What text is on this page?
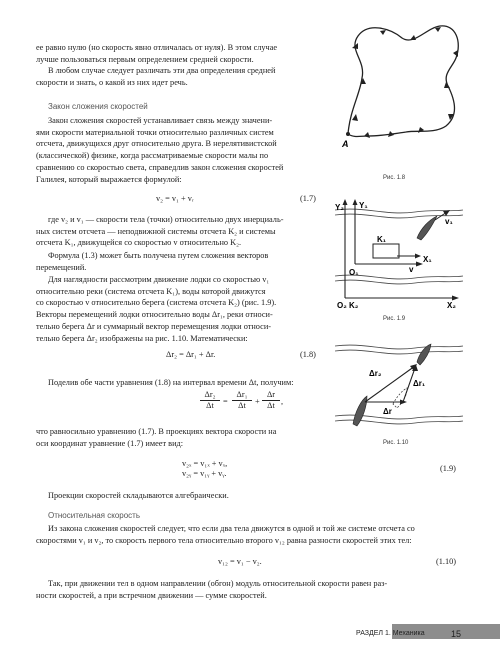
ее равно нулю (но скорость явно отличалась от нуля). В этом случае
лучше пользоваться первым определением средней скорости.
В любом случае следует различать эти два определения средней
скорости и знать, о какой из них идет речь.
Закон сложения скоростей
Закон сложения скоростей устанавливает связь между значени-
ями скорости материальной точки относительно различных систем
отсчета, движущихся друг относительно друга. В нерелятивистской
(классической) физике, когда рассматриваемые скорости малы по
сравнению со скоростью света, справедлив закон сложения скоростей
Галилея, который выражается формулой:
v₂ = v₁ + vᵣ	(1.7)
где v₂ и v₁ — скорости тела (точки) относительно двух инерциаль-
ных систем отсчета — неподвижной системы отсчета K₂ и системы
отсчета K₁, движущейся со скоростью v относительно K₂.
Формула (1.3) может быть получена путем сложения векторов
перемещений.
Для наглядности рассмотрим движение лодки со скоростью v₁
относительно реки (система отсчета K₁), воды которой движутся
со скоростью v относительно берега (система отсчета K₂) (рис. 1.9).
Векторы перемещений лодки относительно воды Δr₁, реки относи-
тельно берега Δr и суммарный вектор перемещения лодки относи-
тельно берега Δr₂ изображены на рис. 1.10. Математически:
Δr₂ = Δr₁ + Δr.	(1.8)
Поделив обе части уравнения (1.8) на интервал времени Δt, получим:
Δr₂
Δt	=
Δr₁
Δt	+
Δr
Δt ,
что равносильно уравнению (1.7). В проекциях вектора скорости на
оси координат уравнение (1.7) имеет вид:
v₂ₓ = v₁ₓ + vₓ,
v₂ᵧ = v₁ᵧ + vᵧ.
(1.9)
Проекции скоростей складываются алгебраически.
Относительная скорость
Из закона сложения скоростей следует, что если два тела движутся в одной и той же системе отсчета со
скоростями v₁ и v₂, то скорость первого тела относительно второго v₁₂ равна разности скоростей этих тел:
v₁₂ = v₁ − v₂.	(1.10)
Так, при движении тел в одном направлении (обгон) модуль относительной скорости равен раз-
ности скоростей, а при встречном движении — сумме скоростей.
A
Рис. 1.8
Y₂ Y₁
K₁
O₁
X₁
v
v₁
O₂ K₂	X₂
Рис. 1.9
Δr₂
Δr₁
Δr
Рис. 1.10
РАЗДЕЛ 1. Механика	15
